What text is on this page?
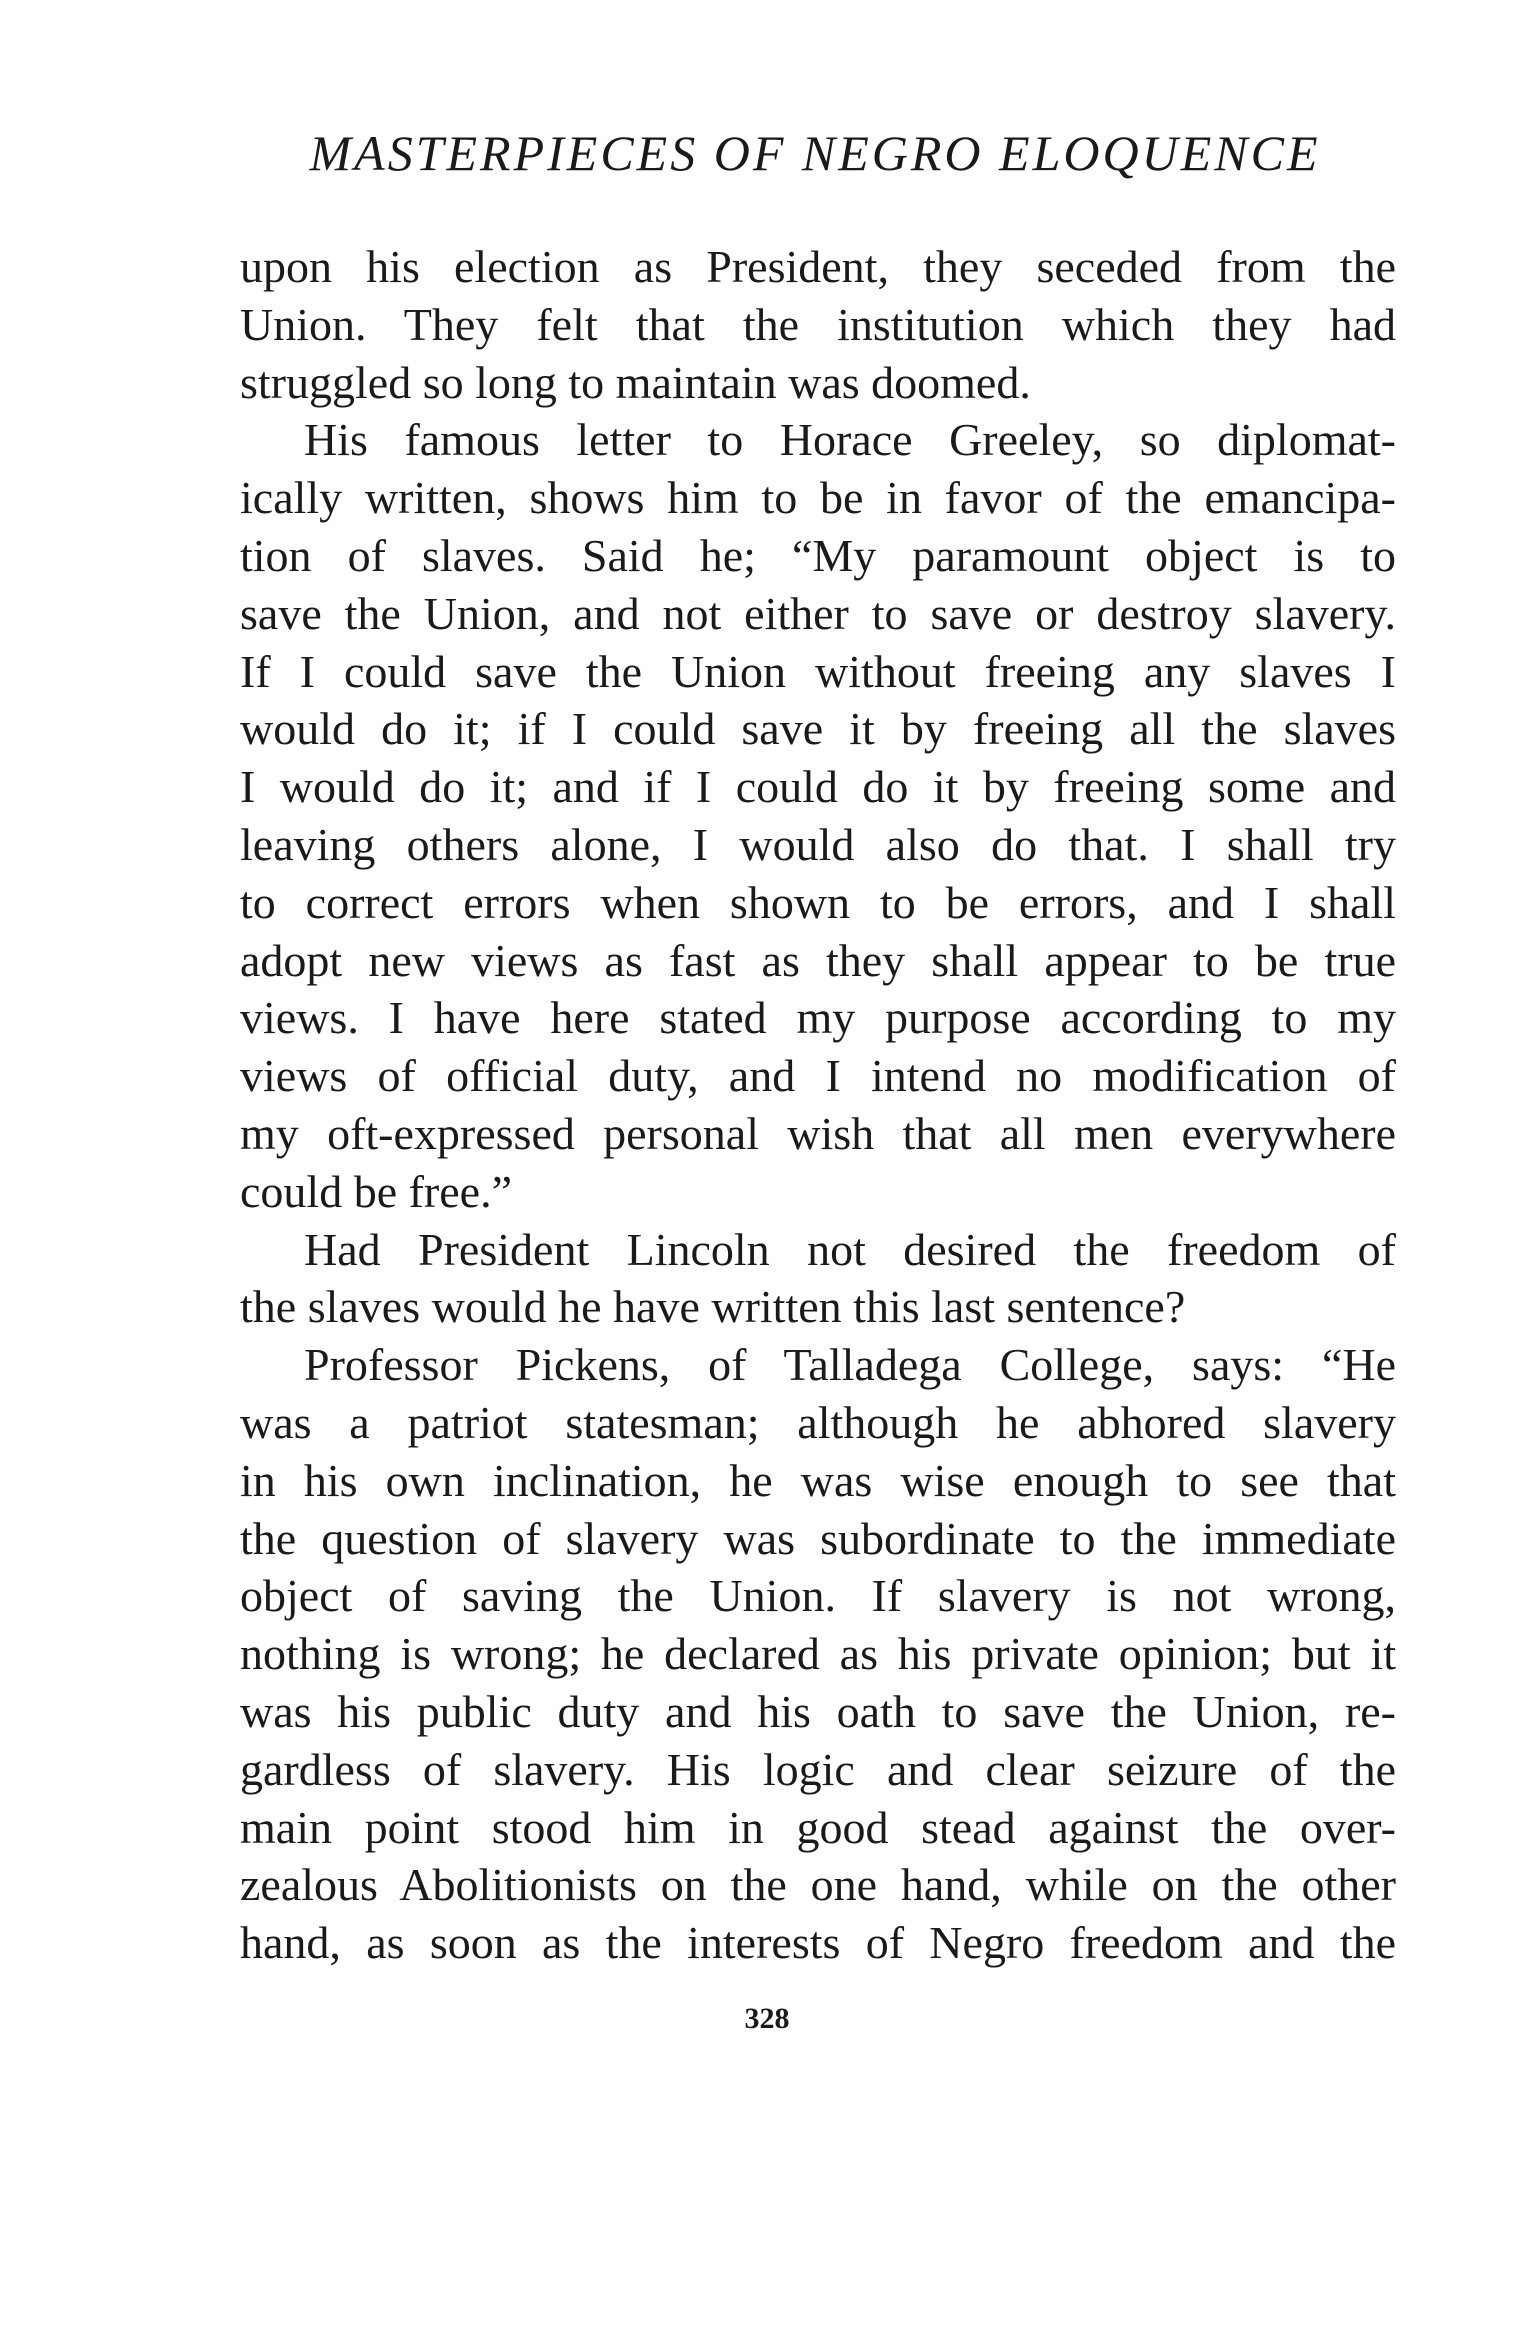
MASTERPIECES OF NEGRO ELOQUENCE
upon his election as President, they seceded from the
Union. They felt that the institution which they had
struggled so long to maintain was doomed.
His famous letter to Horace Greeley, so diplomat-
ically written, shows him to be in favor of the emancipa-
tion of slaves. Said he; “My paramount object is to
save the Union, and not either to save or destroy slavery.
If I could save the Union without freeing any slaves I
would do it; if I could save it by freeing all the slaves
I would do it; and if I could do it by freeing some and
leaving others alone, I would also do that. I shall try
to correct errors when shown to be errors, and I shall
adopt new views as fast as they shall appear to be true
views. I have here stated my purpose according to my
views of official duty, and I intend no modification of
my oft-expressed personal wish that all men everywhere
could be free.”
Had President Lincoln not desired the freedom of
the slaves would he have written this last sentence?
Professor Pickens, of Talladega College, says: “He
was a patriot statesman; although he abhored slavery
in his own inclination, he was wise enough to see that
the question of slavery was subordinate to the immediate
object of saving the Union. If slavery is not wrong,
nothing is wrong; he declared as his private opinion; but it
was his public duty and his oath to save the Union, re-
gardless of slavery. His logic and clear seizure of the
main point stood him in good stead against the over-
zealous Abolitionists on the one hand, while on the other
hand, as soon as the interests of Negro freedom and the
328
